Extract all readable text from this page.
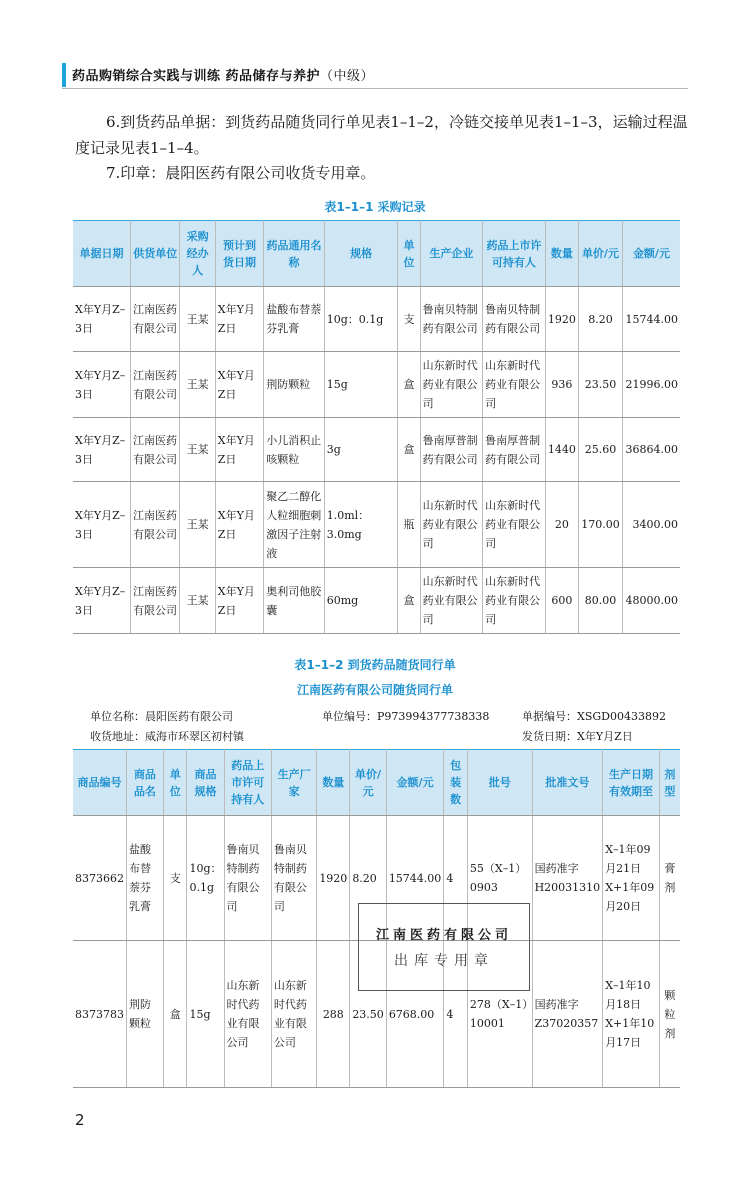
药品购销综合实践与训练 药品储存与养护（中级）
6.到货药品单据：到货药品随货同行单见表1–1–2，冷链交接单见表1–1–3，运输过程温度记录见表1–1–4。
7.印章：晨阳医药有限公司收货专用章。
表1–1–1 采购记录
单据日期	供货单位	采购经办人	预计到货日期	药品通用名称	规格	单位	生产企业	药品上市许可持有人	数量	单价/元	金额/元
X年Y月Z–3日	江南医药有限公司	王某	X年Y月Z日	盐酸布替萘芬乳膏	10g：0.1g	支	鲁南贝特制药有限公司	鲁南贝特制药有限公司	1920	8.20	15744.00
X年Y月Z–3日	江南医药有限公司	王某	X年Y月Z日	荆防颗粒	15g	盒	山东新时代药业有限公司	山东新时代药业有限公司	936	23.50	21996.00
X年Y月Z–3日	江南医药有限公司	王某	X年Y月Z日	小儿消积止咳颗粒	3g	盒	鲁南厚普制药有限公司	鲁南厚普制药有限公司	1440	25.60	36864.00
X年Y月Z–3日	江南医药有限公司	王某	X年Y月Z日	聚乙二醇化人粒细胞刺激因子注射液	1.0ml：3.0mg	瓶	山东新时代药业有限公司	山东新时代药业有限公司	20	170.00	3400.00
X年Y月Z–3日	江南医药有限公司	王某	X年Y月Z日	奥利司他胶囊	60mg	盒	山东新时代药业有限公司	山东新时代药业有限公司	600	80.00	48000.00
表1–1–2 到货药品随货同行单
江南医药有限公司随货同行单
单位名称：晨阳医药有限公司	单位编号：P973994377738338	单据编号：XSGD00433892
收货地址：威海市环翠区初村镇	发货日期：X年Y月Z日
商品编号	商品品名	单位	商品规格	药品上市许可持有人	生产厂家	数量	单价/元	金额/元	包装数	批号	批准文号	生产日期有效期至	剂型
8373662	盐酸布替萘芬乳膏	支	10g：0.1g	鲁南贝特制药有限公司	鲁南贝特制药有限公司	1920	8.20	15744.00	4	55（X–1）0903	国药准字H20031310	X–1年09月21日 X+1年09月20日	膏剂
8373783	荆防颗粒	盒	15g	山东新时代药业有限公司	山东新时代药业有限公司	288	23.50	6768.00	4	278（X–1）10001	国药准字Z37020357	X–1年10月18日 X+1年10月17日	颗粒剂
江南医药有限公司
出库专用章
2
